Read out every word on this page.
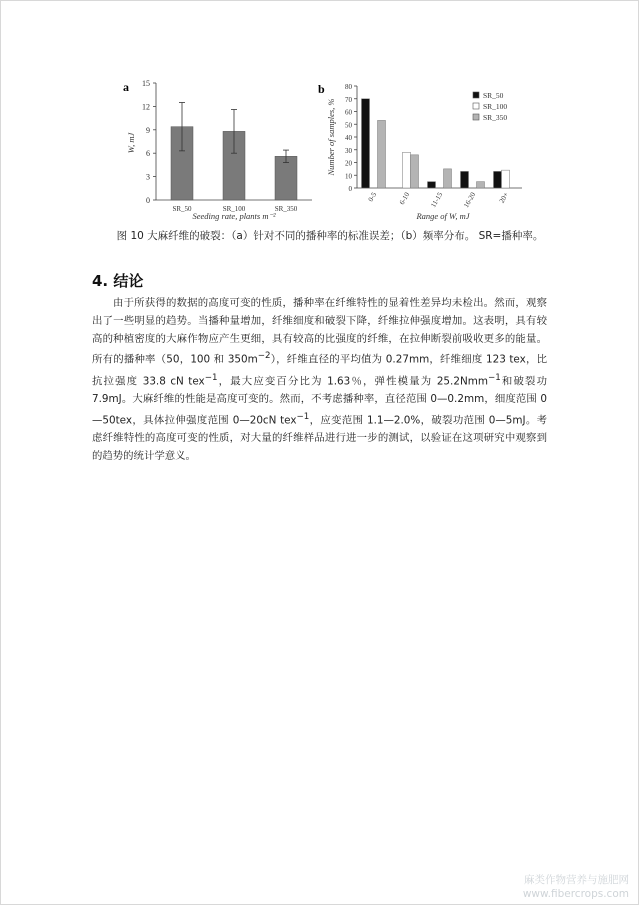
a
W, mJ
Seeding rate, plants m⁻²
0
3
6
9
12
15
SR_50	SR_100	SR_350
b
Number of samples, %
Range of W, mJ
0
10
20
30
40
50
60
70
80
0-5	6-10	11-15	16-20	20+
SR_50
SR_100
SR_350
图 10 大麻纤维的破裂：（a）针对不同的播种率的标准误差；（b）频率分布。 SR=播种率。
4. 结论

由于所获得的数据的高度可变的性质，播种率在纤维特性的显着性差异均未检出。然而，观察出了一些明显的趋势。当播种量增加，纤维细度和破裂下降，纤维拉伸强度增加。这表明，具有较高的种植密度的大麻作物应产生更细，具有较高的比强度的纤维，在拉伸断裂前吸收更多的能量。所有的播种率（50，100 和 $350m^{-2}$），纤维直径的平均值为 0.27mm，纤维细度 123 tex，比抗拉强度 33.8 cN tex$^{-1}$，最大应变百分比为 1.63％，弹性模量为 25.2Nmm$^{-1}$和破裂功 7.9mJ。大麻纤维的性能是高度可变的。然而，不考虑播种率，直径范围 0—0.2mm，细度范围 0—50tex，具体拉伸强度范围 0—20cN tex$^{-1}$，应变范围 1.1—2.0%，破裂功范围 0—5mJ。考虑纤维特性的高度可变的性质，对大量的纤维样品进行进一步的测试，以验证在这项研究中观察到的趋势的统计学意义。

麻类作物营养与施肥网
www.fibercrops.com
